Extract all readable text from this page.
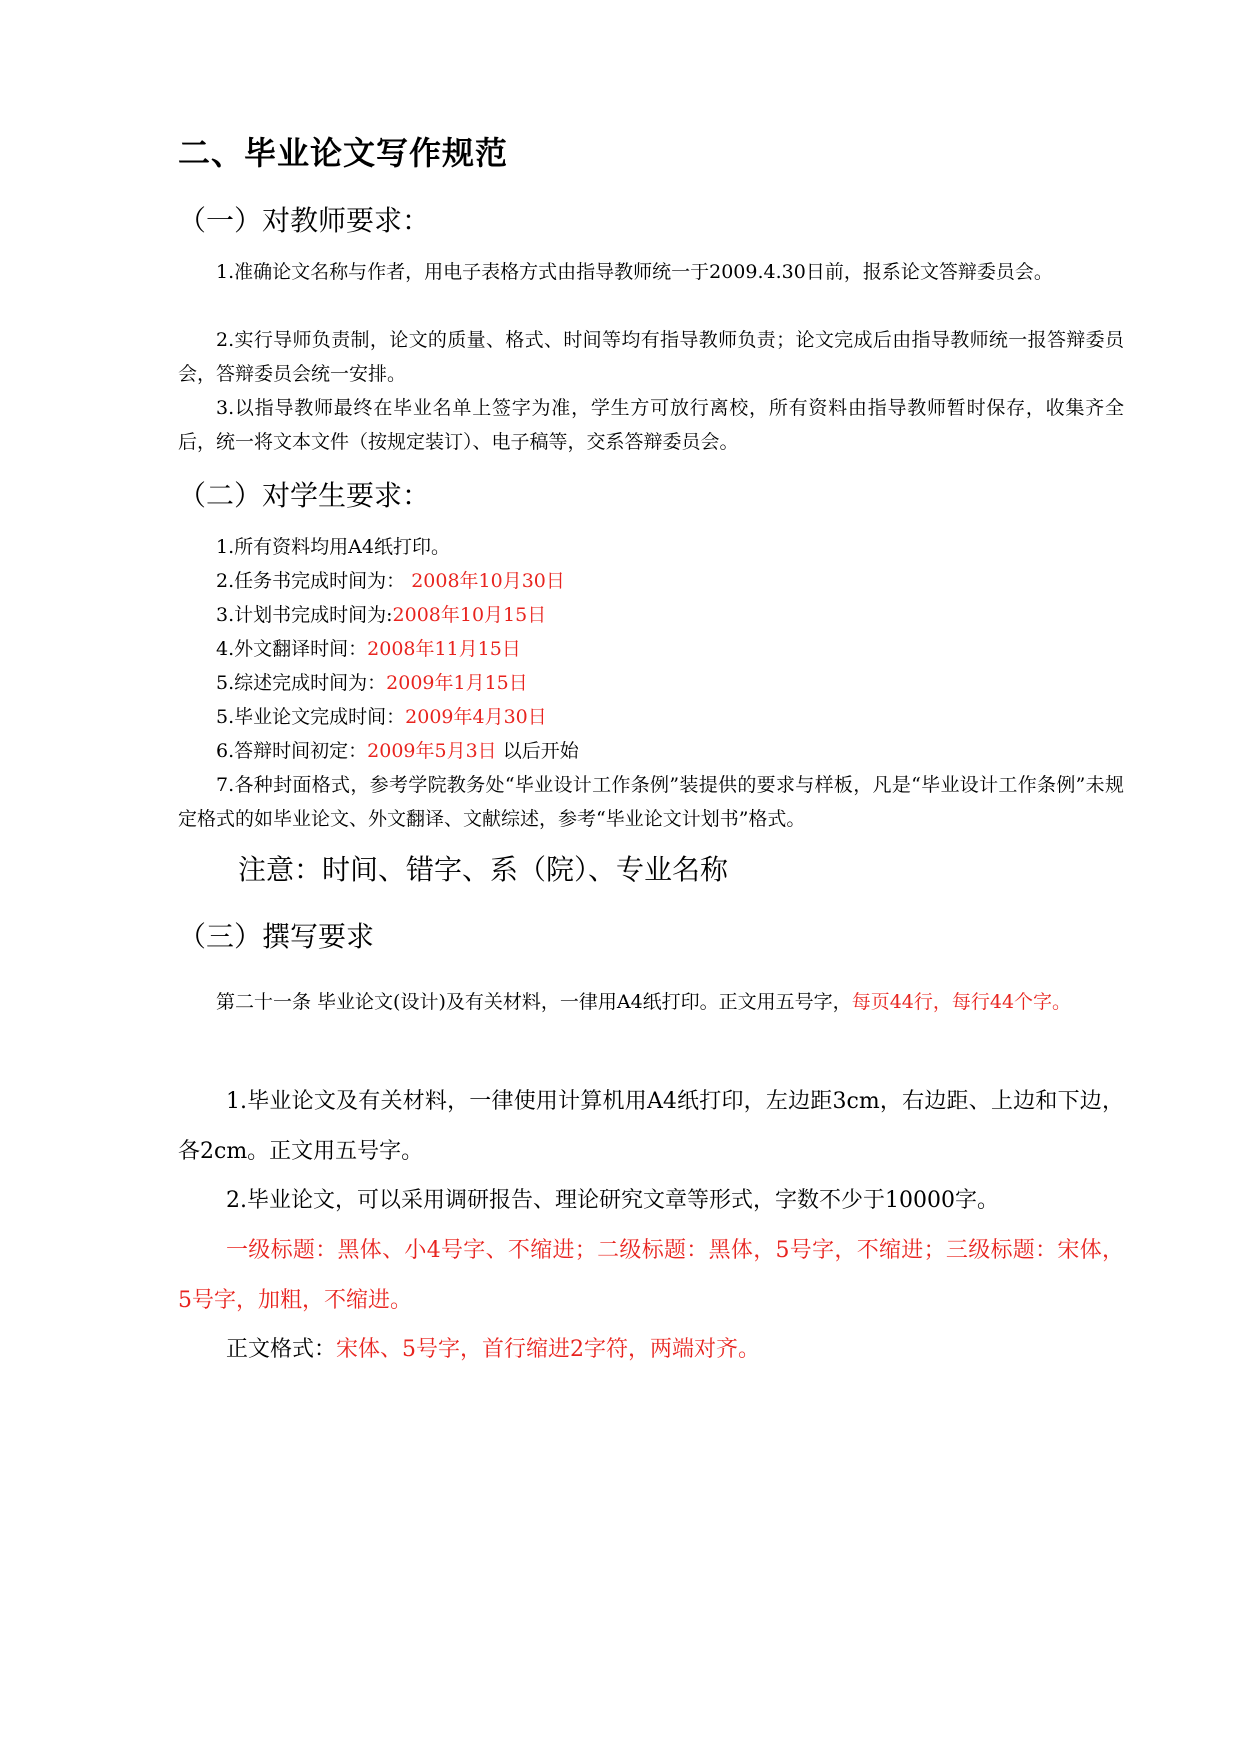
二、毕业论文写作规范
（一）对教师要求：
1.准确论文名称与作者，用电子表格方式由指导教师统一于2009.4.30日前，报系论文答辩委员会。
2.实行导师负责制，论文的质量、格式、时间等均有指导教师负责；论文完成后由指导教师统一报答辩委员会，答辩委员会统一安排。
3.以指导教师最终在毕业名单上签字为准，学生方可放行离校，所有资料由指导教师暂时保存，收集齐全后，统一将文本文件（按规定装订）、电子稿等，交系答辩委员会。
（二）对学生要求：
1.所有资料均用A4纸打印。
2.任务书完成时间为： 2008年10月30日
3.计划书完成时间为:2008年10月15日
4.外文翻译时间：2008年11月15日
5.综述完成时间为：2009年1月15日
5.毕业论文完成时间：2009年4月30日
6.答辩时间初定：2009年5月3日 以后开始
7.各种封面格式，参考学院教务处“毕业设计工作条例”装提供的要求与样板，凡是“毕业设计工作条例”未规定格式的如毕业论文、外文翻译、文献综述，参考“毕业论文计划书”格式。
注意：时间、错字、系（院）、专业名称
（三）撰写要求
第二十一条 毕业论文(设计)及有关材料，一律用A4纸打印。正文用五号字，每页44行，每行44个字。
1.毕业论文及有关材料，一律使用计算机用A4纸打印，左边距3cm，右边距、上边和下边，各2cm。正文用五号字。
2.毕业论文，可以采用调研报告、理论研究文章等形式，字数不少于10000字。
一级标题：黑体、小4号字、不缩进；二级标题：黑体，5号字，不缩进；三级标题：宋体，5号字，加粗，不缩进。
正文格式：宋体、5号字，首行缩进2字符，两端对齐。
